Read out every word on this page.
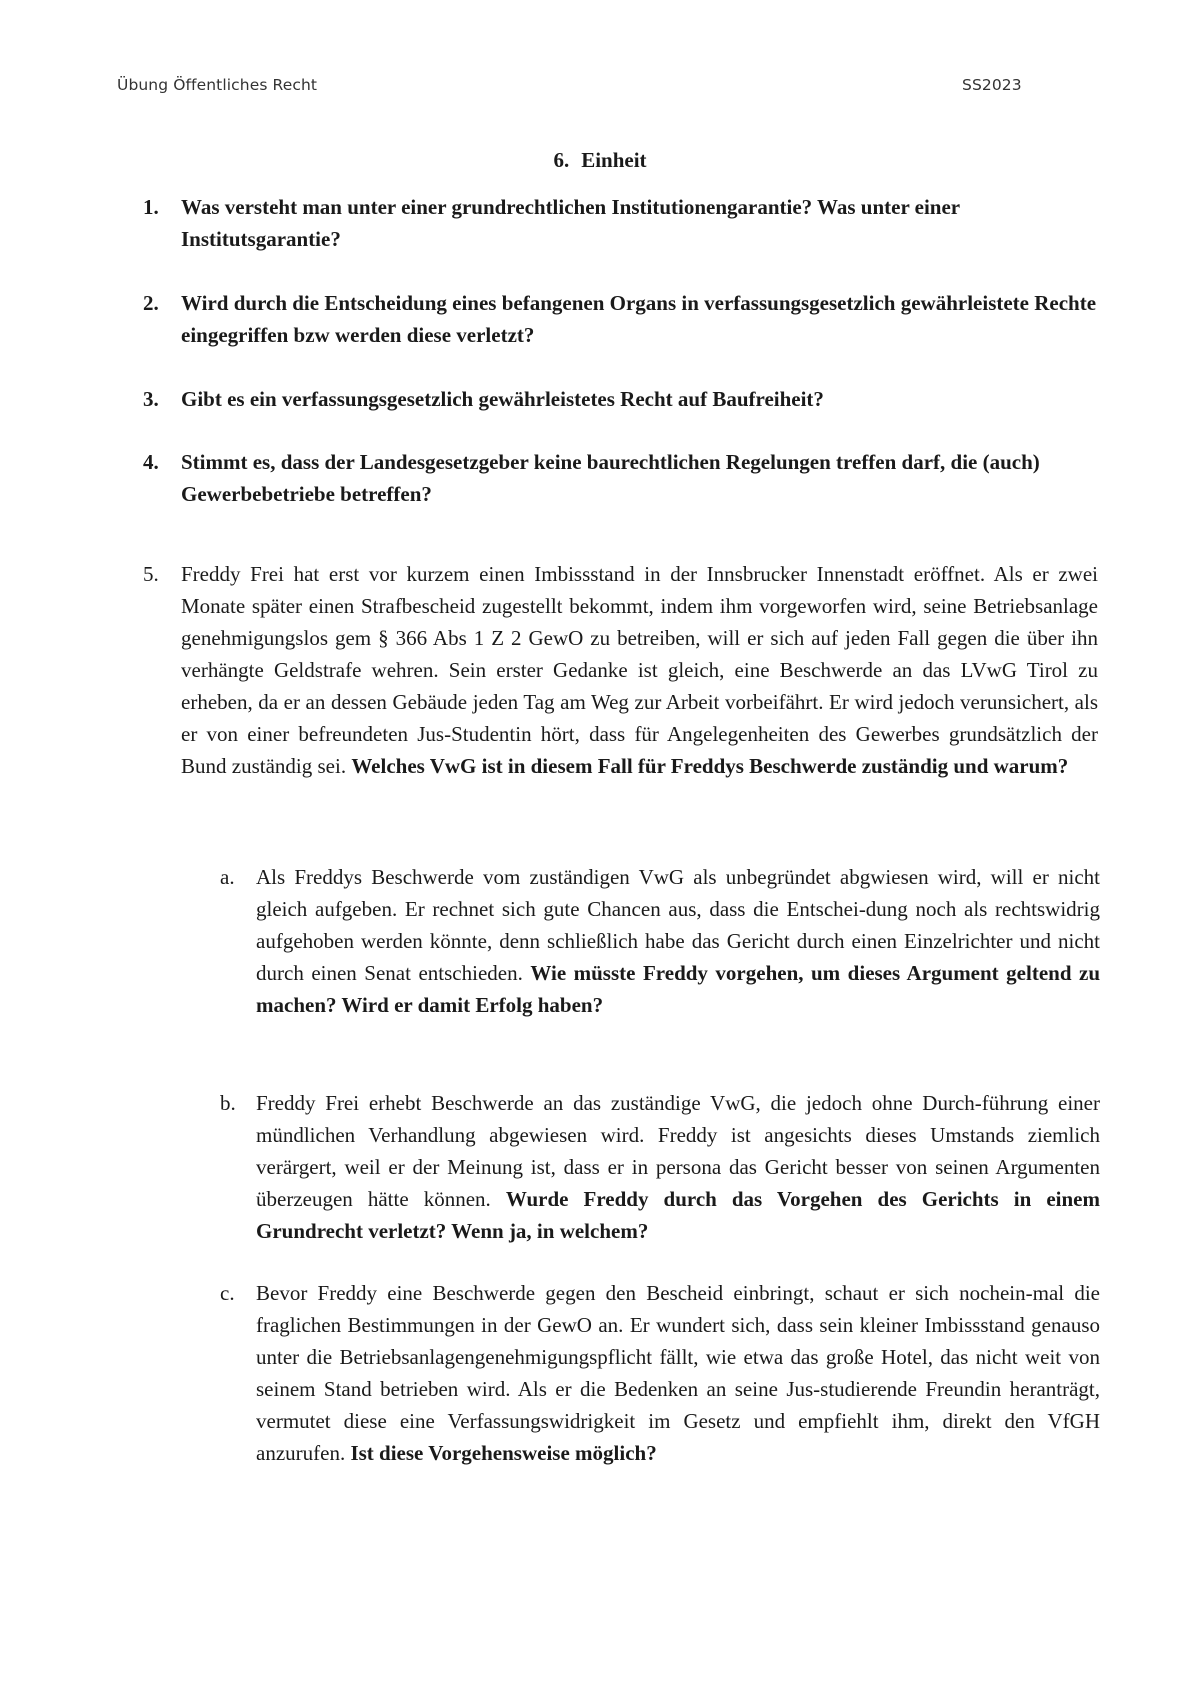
Übung Öffentliches Recht	SS2023
6. Einheit
1. Was versteht man unter einer grundrechtlichen Institutionengarantie? Was unter einer Institutsgarantie?
2. Wird durch die Entscheidung eines befangenen Organs in verfassungsgesetzlich gewährleistete Rechte eingegriffen bzw werden diese verletzt?
3. Gibt es ein verfassungsgesetzlich gewährleistetes Recht auf Baufreiheit?
4. Stimmt es, dass der Landesgesetzgeber keine baurechtlichen Regelungen treffen darf, die (auch) Gewerbebetriebe betreffen?
5. Freddy Frei hat erst vor kurzem einen Imbissstand in der Innsbrucker Innenstadt eröffnet. Als er zwei Monate später einen Strafbescheid zugestellt bekommt, indem ihm vorgeworfen wird, seine Betriebsanlage genehmigungslos gem § 366 Abs 1 Z 2 GewO zu betreiben, will er sich auf jeden Fall gegen die über ihn verhängte Geldstrafe wehren. Sein erster Gedanke ist gleich, eine Beschwerde an das LVwG Tirol zu erheben, da er an dessen Gebäude jeden Tag am Weg zur Arbeit vorbeifährt. Er wird jedoch verunsichert, als er von einer befreundeten Jus-Studentin hört, dass für Angelegenheiten des Gewerbes grundsätzlich der Bund zuständig sei. Welches VwG ist in diesem Fall für Freddys Beschwerde zuständig und warum?
a. Als Freddys Beschwerde vom zuständigen VwG als unbegründet abgwiesen wird, will er nicht gleich aufgeben. Er rechnet sich gute Chancen aus, dass die Entschei-dung noch als rechtswidrig aufgehoben werden könnte, denn schließlich habe das Gericht durch einen Einzelrichter und nicht durch einen Senat entschieden. Wie müsste Freddy vorgehen, um dieses Argument geltend zu machen? Wird er damit Erfolg haben?
b. Freddy Frei erhebt Beschwerde an das zuständige VwG, die jedoch ohne Durch-führung einer mündlichen Verhandlung abgewiesen wird. Freddy ist angesichts dieses Umstands ziemlich verärgert, weil er der Meinung ist, dass er in persona das Gericht besser von seinen Argumenten überzeugen hätte können. Wurde Freddy durch das Vorgehen des Gerichts in einem Grundrecht verletzt? Wenn ja, in welchem?
c. Bevor Freddy eine Beschwerde gegen den Bescheid einbringt, schaut er sich nochein-mal die fraglichen Bestimmungen in der GewO an. Er wundert sich, dass sein kleiner Imbissstand genauso unter die Betriebsanlagengenehmigungspflicht fällt, wie etwa das große Hotel, das nicht weit von seinem Stand betrieben wird. Als er die Bedenken an seine Jus-studierende Freundin heranträgt, vermutet diese eine Verfassungswidrigkeit im Gesetz und empfiehlt ihm, direkt den VfGH anzurufen. Ist diese Vorgehensweise möglich?
